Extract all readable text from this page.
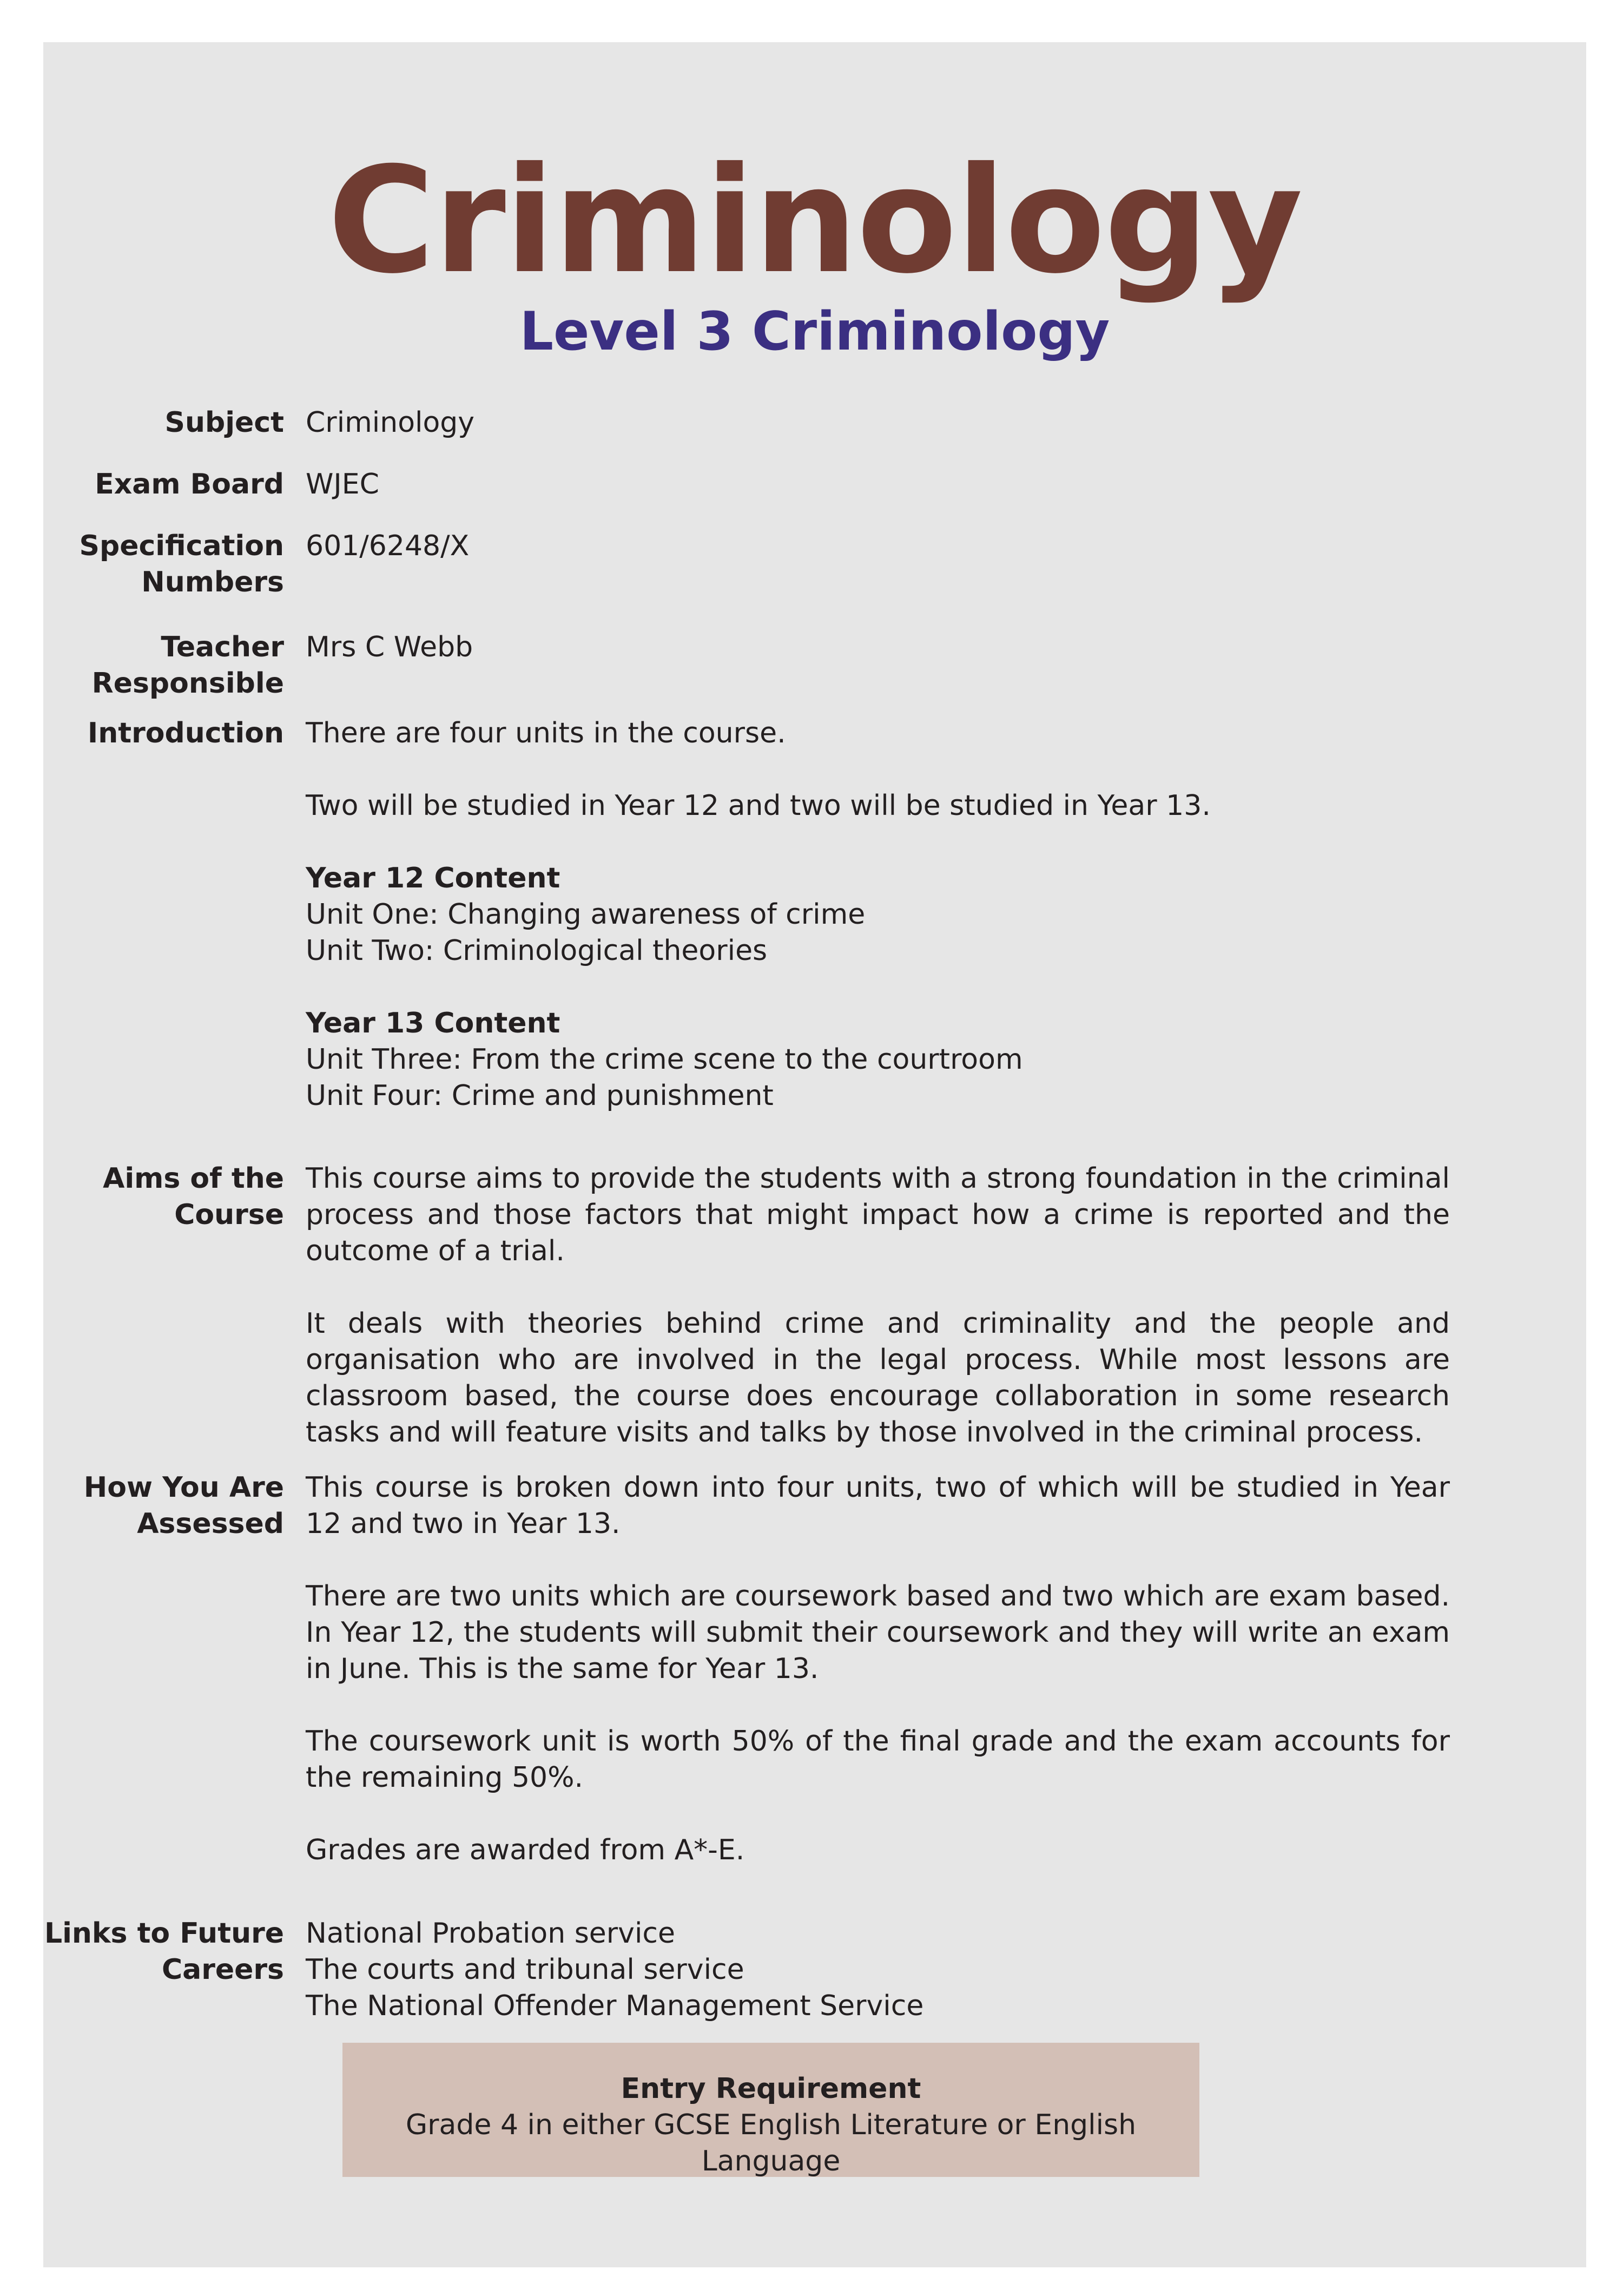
Criminology
Level 3 Criminology
Subject Criminology
Exam Board WJEC
Specification
Numbers
601/6248/X
Teacher
Responsible
Mrs C Webb
Introduction There are four units in the course.

Two will be studied in Year 12 and two will be studied in Year 13.

Year 12 Content

Unit One: Changing awareness of crime

Unit Two: Criminological theories

Year 13 Content

Unit Three: From the crime scene to the courtroom

Unit Four: Crime and punishment

Aims of the
Course

This course aims to provide the students with a strong foundation in the criminal process and those factors that might impact how a crime is reported and the outcome of a trial.

It deals with theories behind crime and criminality and the people and organisation who are involved in the legal process. While most lessons are classroom based, the course does encourage collaboration in some research tasks and will feature visits and talks by those involved in the criminal process.

How You Are
Assessed

This course is broken down into four units, two of which will be studied in Year 12 and two in Year 13.

There are two units which are coursework based and two which are exam based. In Year 12, the students will submit their coursework and they will write an exam in June. This is the same for Year 13.

The coursework unit is worth 50% of the final grade and the exam accounts for the remaining 50%.

Grades are awarded from A*-E.

Links to Future
Careers

National Probation service

The courts and tribunal service

The National Offender Management Service

Entry Requirement
Grade 4 in either GCSE English Literature or English Language
